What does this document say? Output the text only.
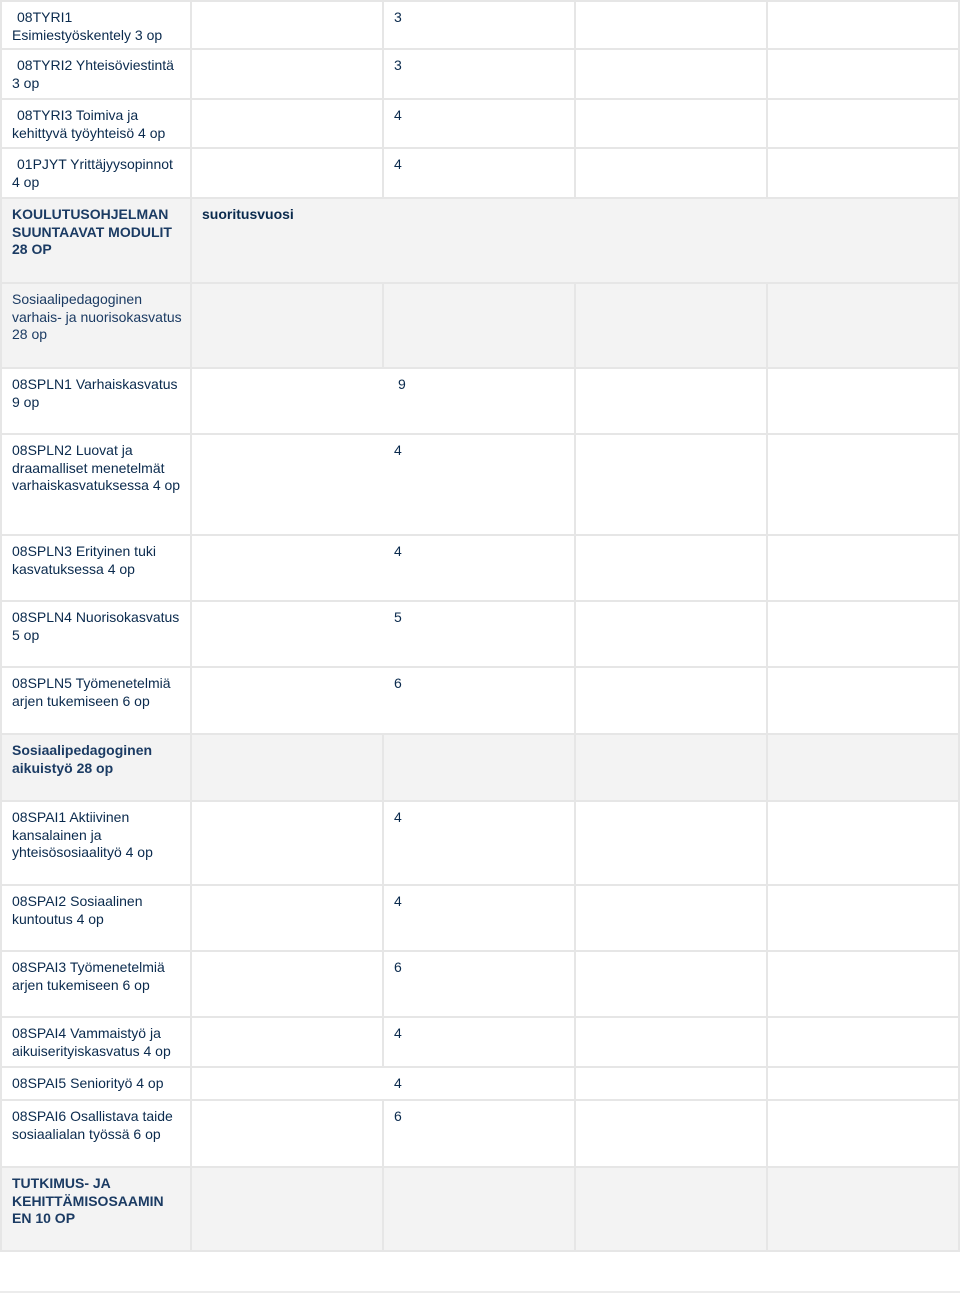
08TYRI1 Esimiestyöskentely 3 op
3
08TYRI2 Yhteisöviestintä 3 op
3
08TYRI3 Toimiva ja kehittyvä työyhteisö 4 op
4
01PJYT Yrittäjyysopinnot 4 op
4
KOULUTUSOHJELMAN SUUNTAAVAT MODULIT 28 OP
suoritusvuosi
Sosiaalipedagoginen varhais- ja nuorisokasvatus 28 op
08SPLN1 Varhaiskasvatus 9 op
9
08SPLN2 Luovat ja draamalliset menetelmät varhaiskasvatuksessa 4 op
4
08SPLN3 Erityinen tuki kasvatuksessa 4 op
4
08SPLN4 Nuorisokasvatus 5 op
5
08SPLN5 Työmenetelmiä arjen tukemiseen 6 op
6
Sosiaalipedagoginen aikuistyö 28 op
08SPAI1 Aktiivinen kansalainen ja yhteisösosiaalityö 4 op
4
08SPAI2 Sosiaalinen kuntoutus 4 op
4
08SPAI3 Työmenetelmiä arjen tukemiseen 6 op
6
08SPAI4 Vammaistyö ja aikuiserityiskasvatus 4 op
4
08SPAI5 Seniorityö 4 op	4
08SPAI6 Osallistava taide sosiaalialan työssä 6 op
6
TUTKIMUS- JA KEHITTÄMISOSAAMIN EN 10 OP
